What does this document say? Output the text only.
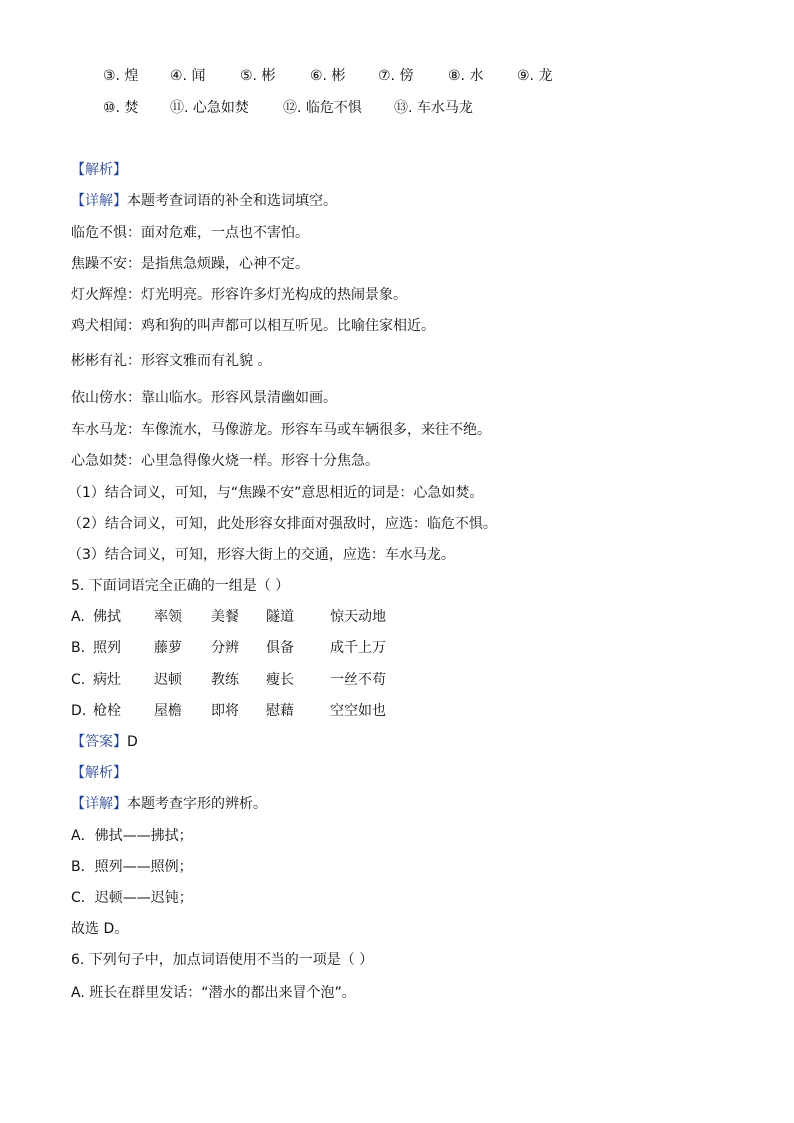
③. 煌 ④. 闻 ⑤. 彬 ⑥. 彬 ⑦. 傍 ⑧. 水 ⑨. 龙
⑩. 焚 ⑪. 心急如焚 ⑫. 临危不惧 ⑬. 车水马龙
【解析】
【详解】本题考查词语的补全和选词填空。
临危不惧：面对危难，一点也不害怕。
焦躁不安：是指焦急烦躁，心神不定。
灯火辉煌：灯光明亮。形容许多灯光构成的热闹景象。
鸡犬相闻：鸡和狗的叫声都可以相互听见。比喻住家相近。
彬彬有礼：形容文雅而有礼貌 。
依山傍水：靠山临水。形容风景清幽如画。
车水马龙：车像流水，马像游龙。形容车马或车辆很多，来往不绝。
心急如焚：心里急得像火烧一样。形容十分焦急。
（1）结合词义，可知，与“焦躁不安”意思相近的词是：心急如焚。
（2）结合词义，可知，此处形容女排面对强敌时，应选：临危不惧。
（3）结合词义，可知，形容大街上的交通，应选：车水马龙。
5. 下面词语完全正确的一组是（ ）
A. 佛拭 率领 美餐 隧道	惊天动地
B. 照列 藤萝 分辨 俱备	成千上万
C. 病灶 迟顿 教练 瘦长	一丝不苟
D. 枪栓 屋檐 即将 慰藉	空空如也
【答案】D
【解析】
【详解】本题考查字形的辨析。
A．佛拭——拂拭；
B．照列——照例；
C．迟顿——迟钝；
故选 D。
6. 下列句子中，加点词语使用不当的一项是（ ）
A. 班长在群里发话：“潜水的都出来冒个泡”。
